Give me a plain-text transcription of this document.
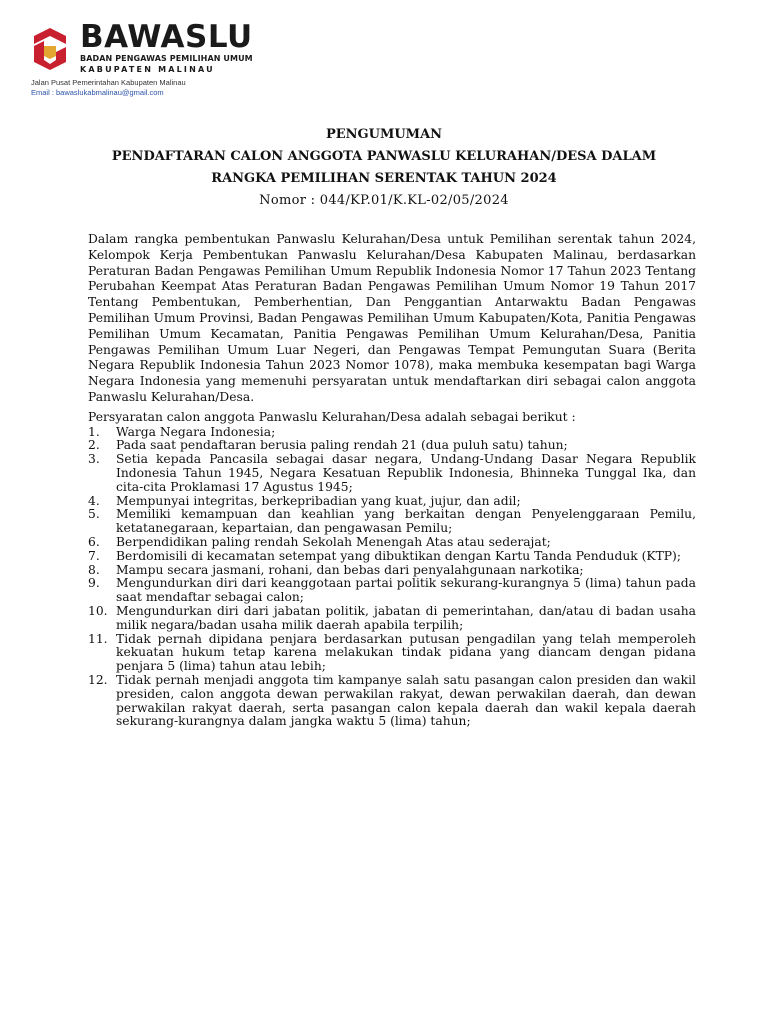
BAWASLU
BADAN PENGAWAS PEMILIHAN UMUM
KABUPATEN MALINAU
Jalan Pusat Pemerintahan Kabupaten Malinau
Email : bawaslukabmalinau@gmail.com
PENGUMUMAN
PENDAFTARAN CALON ANGGOTA PANWASLU KELURAHAN/DESA DALAM
RANGKA PEMILIHAN SERENTAK TAHUN 2024
Nomor : 044/KP.01/K.KL-02/05/2024

Dalam rangka pembentukan Panwaslu Kelurahan/Desa untuk Pemilihan serentak tahun 2024, Kelompok Kerja Pembentukan Panwaslu Kelurahan/Desa Kabupaten Malinau, berdasarkan Peraturan Badan Pengawas Pemilihan Umum Republik Indonesia Nomor 17 Tahun 2023 Tentang Perubahan Keempat Atas Peraturan Badan Pengawas Pemilihan Umum Nomor 19 Tahun 2017 Tentang Pembentukan, Pemberhentian, Dan Penggantian Antarwaktu Badan Pengawas Pemilihan Umum Provinsi, Badan Pengawas Pemilihan Umum Kabupaten/Kota, Panitia Pengawas Pemilihan Umum Kecamatan, Panitia Pengawas Pemilihan Umum Kelurahan/Desa, Panitia Pengawas Pemilihan Umum Luar Negeri, dan Pengawas Tempat Pemungutan Suara (Berita Negara Republik Indonesia Tahun 2023 Nomor 1078), maka membuka kesempatan bagi Warga Negara Indonesia yang memenuhi persyaratan untuk mendaftarkan diri sebagai calon anggota Panwaslu Kelurahan/Desa.

Persyaratan calon anggota Panwaslu Kelurahan/Desa adalah sebagai berikut :

1. Warga Negara Indonesia;
2. Pada saat pendaftaran berusia paling rendah 21 (dua puluh satu) tahun;
3. Setia kepada Pancasila sebagai dasar negara, Undang-Undang Dasar Negara Republik Indonesia Tahun 1945, Negara Kesatuan Republik Indonesia, Bhinneka Tunggal Ika, dan cita-cita Proklamasi 17 Agustus 1945;
4. Mempunyai integritas, berkepribadian yang kuat, jujur, dan adil;
5. Memiliki kemampuan dan keahlian yang berkaitan dengan Penyelenggaraan Pemilu, ketatanegaraan, kepartaian, dan pengawasan Pemilu;
6. Berpendidikan paling rendah Sekolah Menengah Atas atau sederajat;
7. Berdomisili di kecamatan setempat yang dibuktikan dengan Kartu Tanda Penduduk (KTP);
8. Mampu secara jasmani, rohani, dan bebas dari penyalahgunaan narkotika;
9. Mengundurkan diri dari keanggotaan partai politik sekurang-kurangnya 5 (lima) tahun pada saat mendaftar sebagai calon;
10. Mengundurkan diri dari jabatan politik, jabatan di pemerintahan, dan/atau di badan usaha milik negara/badan usaha milik daerah apabila terpilih;
11. Tidak pernah dipidana penjara berdasarkan putusan pengadilan yang telah memperoleh kekuatan hukum tetap karena melakukan tindak pidana yang diancam dengan pidana penjara 5 (lima) tahun atau lebih;
12. Tidak pernah menjadi anggota tim kampanye salah satu pasangan calon presiden dan wakil presiden, calon anggota dewan perwakilan rakyat, dewan perwakilan daerah, dan dewan perwakilan rakyat daerah, serta pasangan calon kepala daerah dan wakil kepala daerah sekurang-kurangnya dalam jangka waktu 5 (lima) tahun;
